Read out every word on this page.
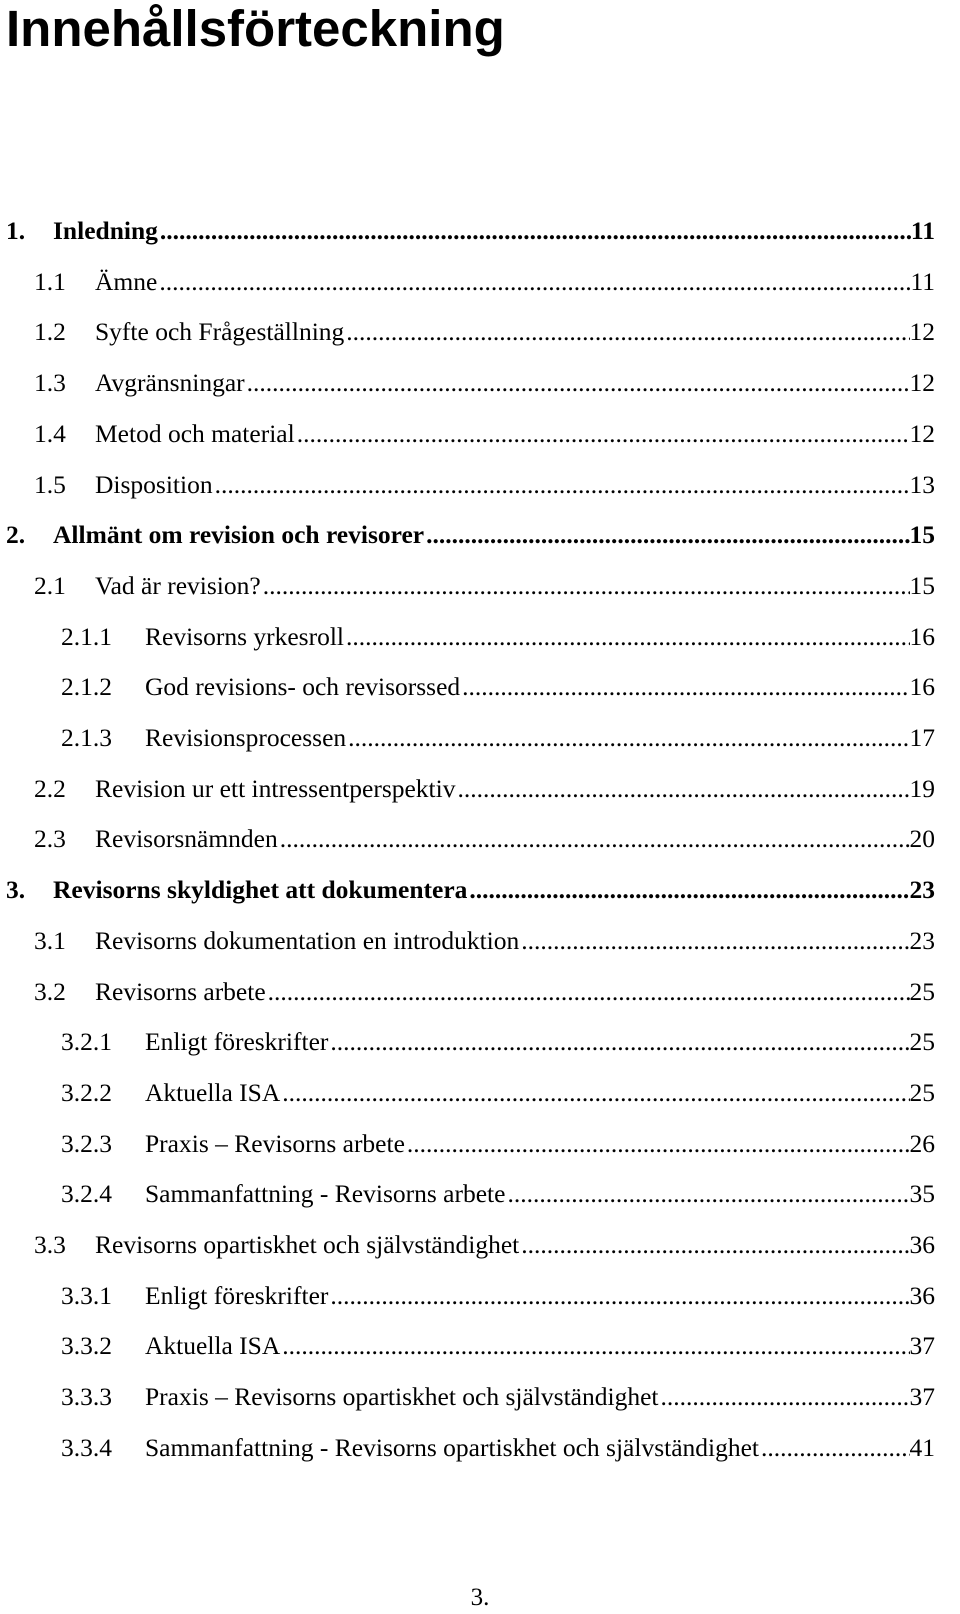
Innehållsförteckning
1. Inledning .....	11
1.1 Ämne .....	11
1.2 Syfte och Frågeställning .....	12
1.3 Avgränsningar .....	12
1.4 Metod och material .....	12
1.5 Disposition .....	13
2. Allmänt om revision och revisorer .....	15
2.1 Vad är revision? .....	15
2.1.1 Revisorns yrkesroll .....	16
2.1.2 God revisions- och revisorssed .....	16
2.1.3 Revisionsprocessen .....	17
2.2 Revision ur ett intressentperspektiv .....	19
2.3 Revisorsnämnden .....	20
3. Revisorns skyldighet att dokumentera .....	23
3.1 Revisorns dokumentation en introduktion .....	23
3.2 Revisorns arbete .....	25
3.2.1 Enligt föreskrifter .....	25
3.2.2 Aktuella ISA .....	25
3.2.3 Praxis – Revisorns arbete .....	26
3.2.4 Sammanfattning - Revisorns arbete .....	35
3.3 Revisorns opartiskhet och självständighet .....	36
3.3.1 Enligt föreskrifter .....	36
3.3.2 Aktuella ISA .....	37
3.3.3 Praxis – Revisorns opartiskhet och självständighet .....	37
3.3.4 Sammanfattning - Revisorns opartiskhet och självständighet .....	41
3.
